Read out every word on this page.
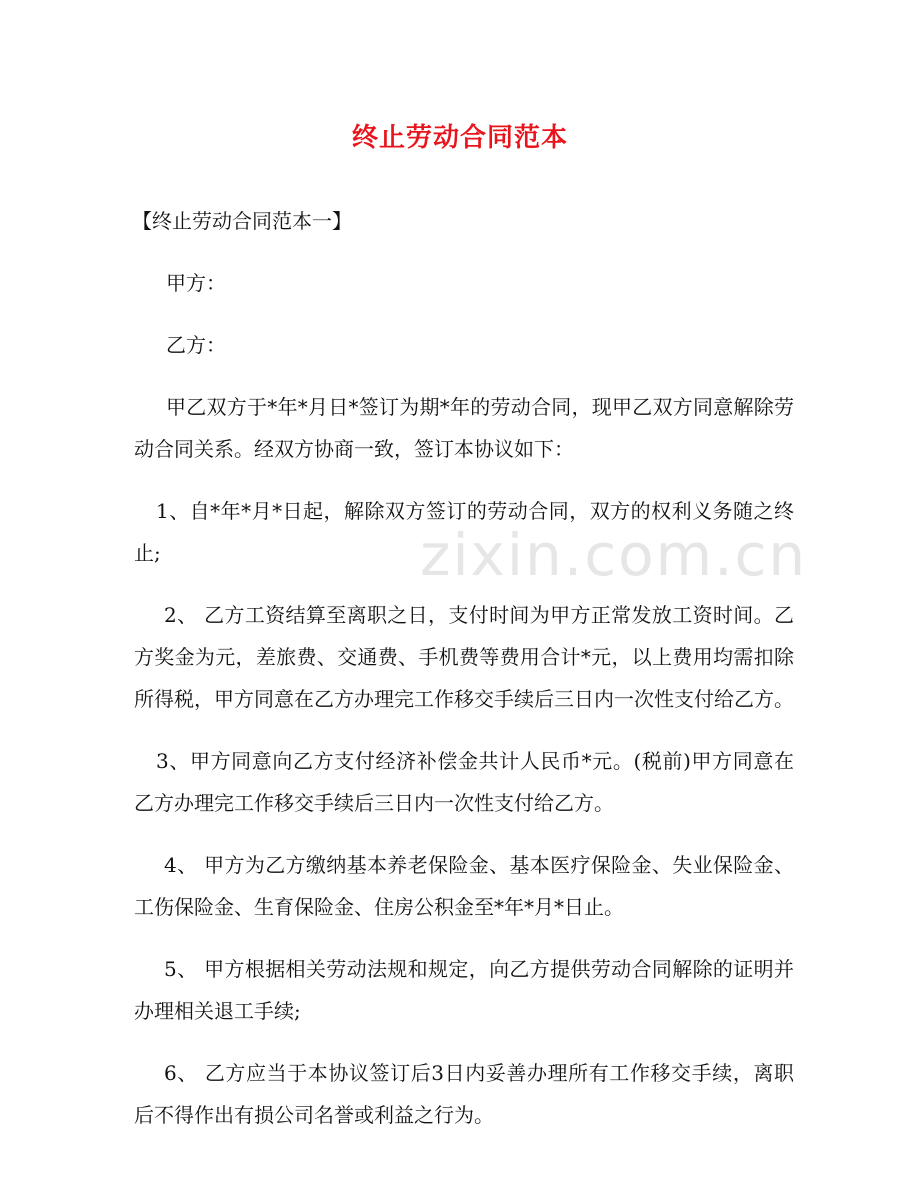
终止劳动合同范本
zixin.com.cn

【终止劳动合同范本一】

甲方：

乙方：

甲乙双方于*年*月日*签订为期*年的劳动合同，现甲乙双方同意解除劳动合同关系。经双方协商一致，签订本协议如下：

1、自*年*月*日起，解除双方签订的劳动合同，双方的权利义务随之终止;

2、 乙方工资结算至离职之日，支付时间为甲方正常发放工资时间。乙方奖金为元，差旅费、交通费、手机费等费用合计*元，以上费用均需扣除所得税，甲方同意在乙方办理完工作移交手续后三日内一次性支付给乙方。

3、甲方同意向乙方支付经济补偿金共计人民币*元。(税前)甲方同意在乙方办理完工作移交手续后三日内一次性支付给乙方。

4、 甲方为乙方缴纳基本养老保险金、基本医疗保险金、失业保险金、工伤保险金、生育保险金、住房公积金至*年*月*日止。

5、 甲方根据相关劳动法规和规定，向乙方提供劳动合同解除的证明并办理相关退工手续;

6、 乙方应当于本协议签订后3日内妥善办理所有工作移交手续，离职后不得作出有损公司名誉或利益之行为。
